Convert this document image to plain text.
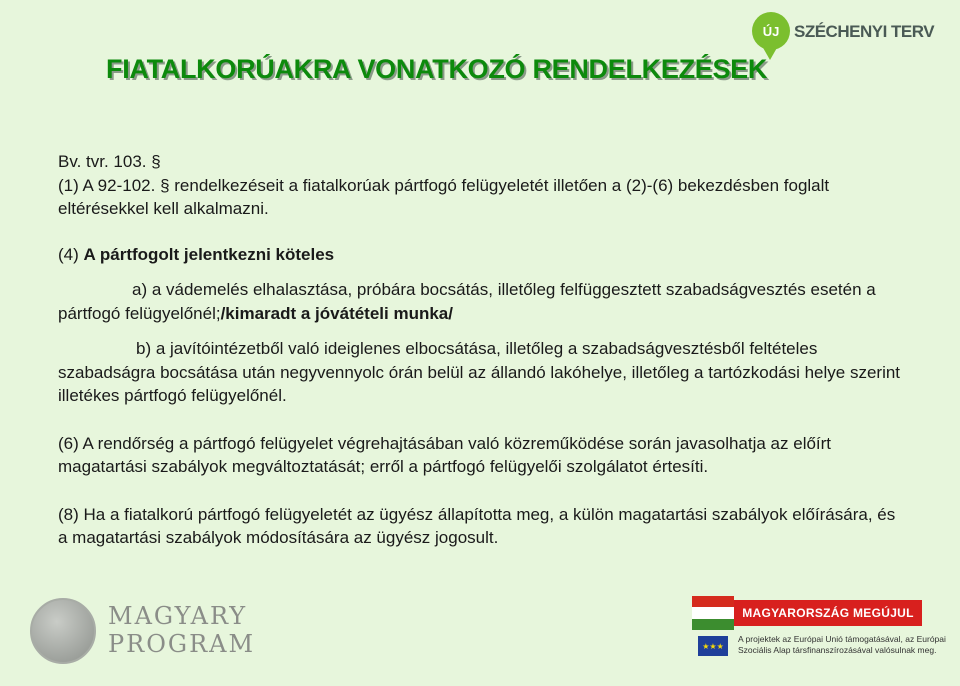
FIATALKORÚAKRA VONATKOZÓ RENDELKEZÉSEK
ÚJ SZÉCHENYI TERV

Bv. tvr. 103. §

(1) A 92-102. § rendelkezéseit a fiatalkorúak pártfogó felügyeletét illetően a (2)-(6) bekezdésben foglalt eltérésekkel kell alkalmazni.

(4) A pártfogolt jelentkezni köteles

a) a vádemelés elhalasztása, próbára bocsátás, illetőleg felfüggesztett szabadságvesztés esetén a pártfogó felügyelőnél;/kimaradt a jóvátételi munka/

b) a javítóintézetből való ideiglenes elbocsátása, illetőleg a szabadságvesztésből feltételes szabadságra bocsátása után negyvennyolc órán belül az állandó lakóhelye, illetőleg a tartózkodási helye szerint illetékes pártfogó felügyelőnél.

(6) A rendőrség a pártfogó felügyelet végrehajtásában való közreműködése során javasolhatja az előírt magatartási szabályok megváltoztatását; erről a pártfogó felügyelői szolgálatot értesíti.

(8) Ha a fiatalkorú pártfogó felügyeletét az ügyész állapította meg, a külön magatartási szabályok előírására, és a magatartási szabályok módosítására az ügyész jogosult.

MAGYARY
PROGRAM
MAGYARORSZÁG MEGÚJUL
★★★
A projektek az Európai Unió támogatásával, az Európai
Szociális Alap társfinanszírozásával valósulnak meg.
